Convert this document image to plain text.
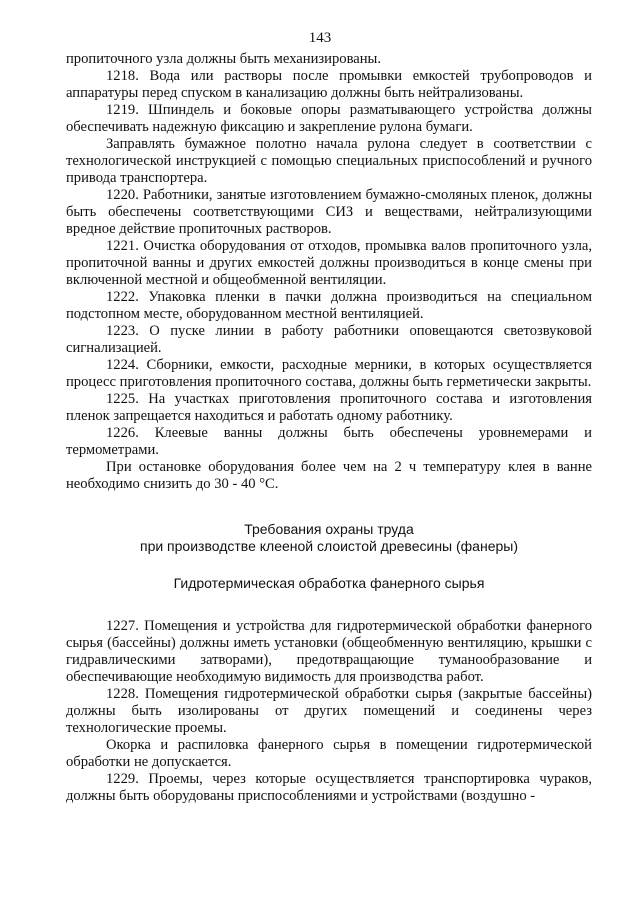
143

пропиточного узла должны быть механизированы.

1218. Вода или растворы после промывки емкостей трубопроводов и аппаратуры перед спуском в канализацию должны быть нейтрализованы.

1219. Шпиндель и боковые опоры разматывающего устройства должны обеспечивать надежную фиксацию и закрепление рулона бумаги.

Заправлять бумажное полотно начала рулона следует в соответствии с технологической инструкцией с помощью специальных приспособлений и ручного привода транспортера.

1220. Работники, занятые изготовлением бумажно-смоляных пленок, должны быть обеспечены соответствующими СИЗ и веществами, нейтрализующими вредное действие пропиточных растворов.

1221. Очистка оборудования от отходов, промывка валов пропиточного узла, пропиточной ванны и других емкостей должны производиться в конце смены при включенной местной и общеобменной вентиляции.

1222. Упаковка пленки в пачки должна производиться на специальном подстопном месте, оборудованном местной вентиляцией.

1223. О пуске линии в работу работники оповещаются светозвуковой сигнализацией.

1224. Сборники, емкости, расходные мерники, в которых осуществляется процесс приготовления пропиточного состава, должны быть герметически закрыты.

1225. На участках приготовления пропиточного состава и изготовления пленок запрещается находиться и работать одному работнику.

1226. Клеевые ванны должны быть обеспечены уровнемерами и термометрами.

При остановке оборудования более чем на 2 ч температуру клея в ванне необходимо снизить до 30 - 40 °С.

Требования охраны труда

при производстве клееной слоистой древесины (фанеры)

Гидротермическая обработка фанерного сырья

1227. Помещения и устройства для гидротермической обработки фанерного сырья (бассейны) должны иметь установки (общеобменную вентиляцию, крышки с гидравлическими затворами), предотвращающие туманообразование и обеспечивающие необходимую видимость для производства работ.

1228. Помещения гидротермической обработки сырья (закрытые бассейны) должны быть изолированы от других помещений и соединены через технологические проемы.

Окорка и распиловка фанерного сырья в помещении гидротермической обработки не допускается.

1229. Проемы, через которые осуществляется транспортировка чураков, должны быть оборудованы приспособлениями и устройствами (воздушно -
